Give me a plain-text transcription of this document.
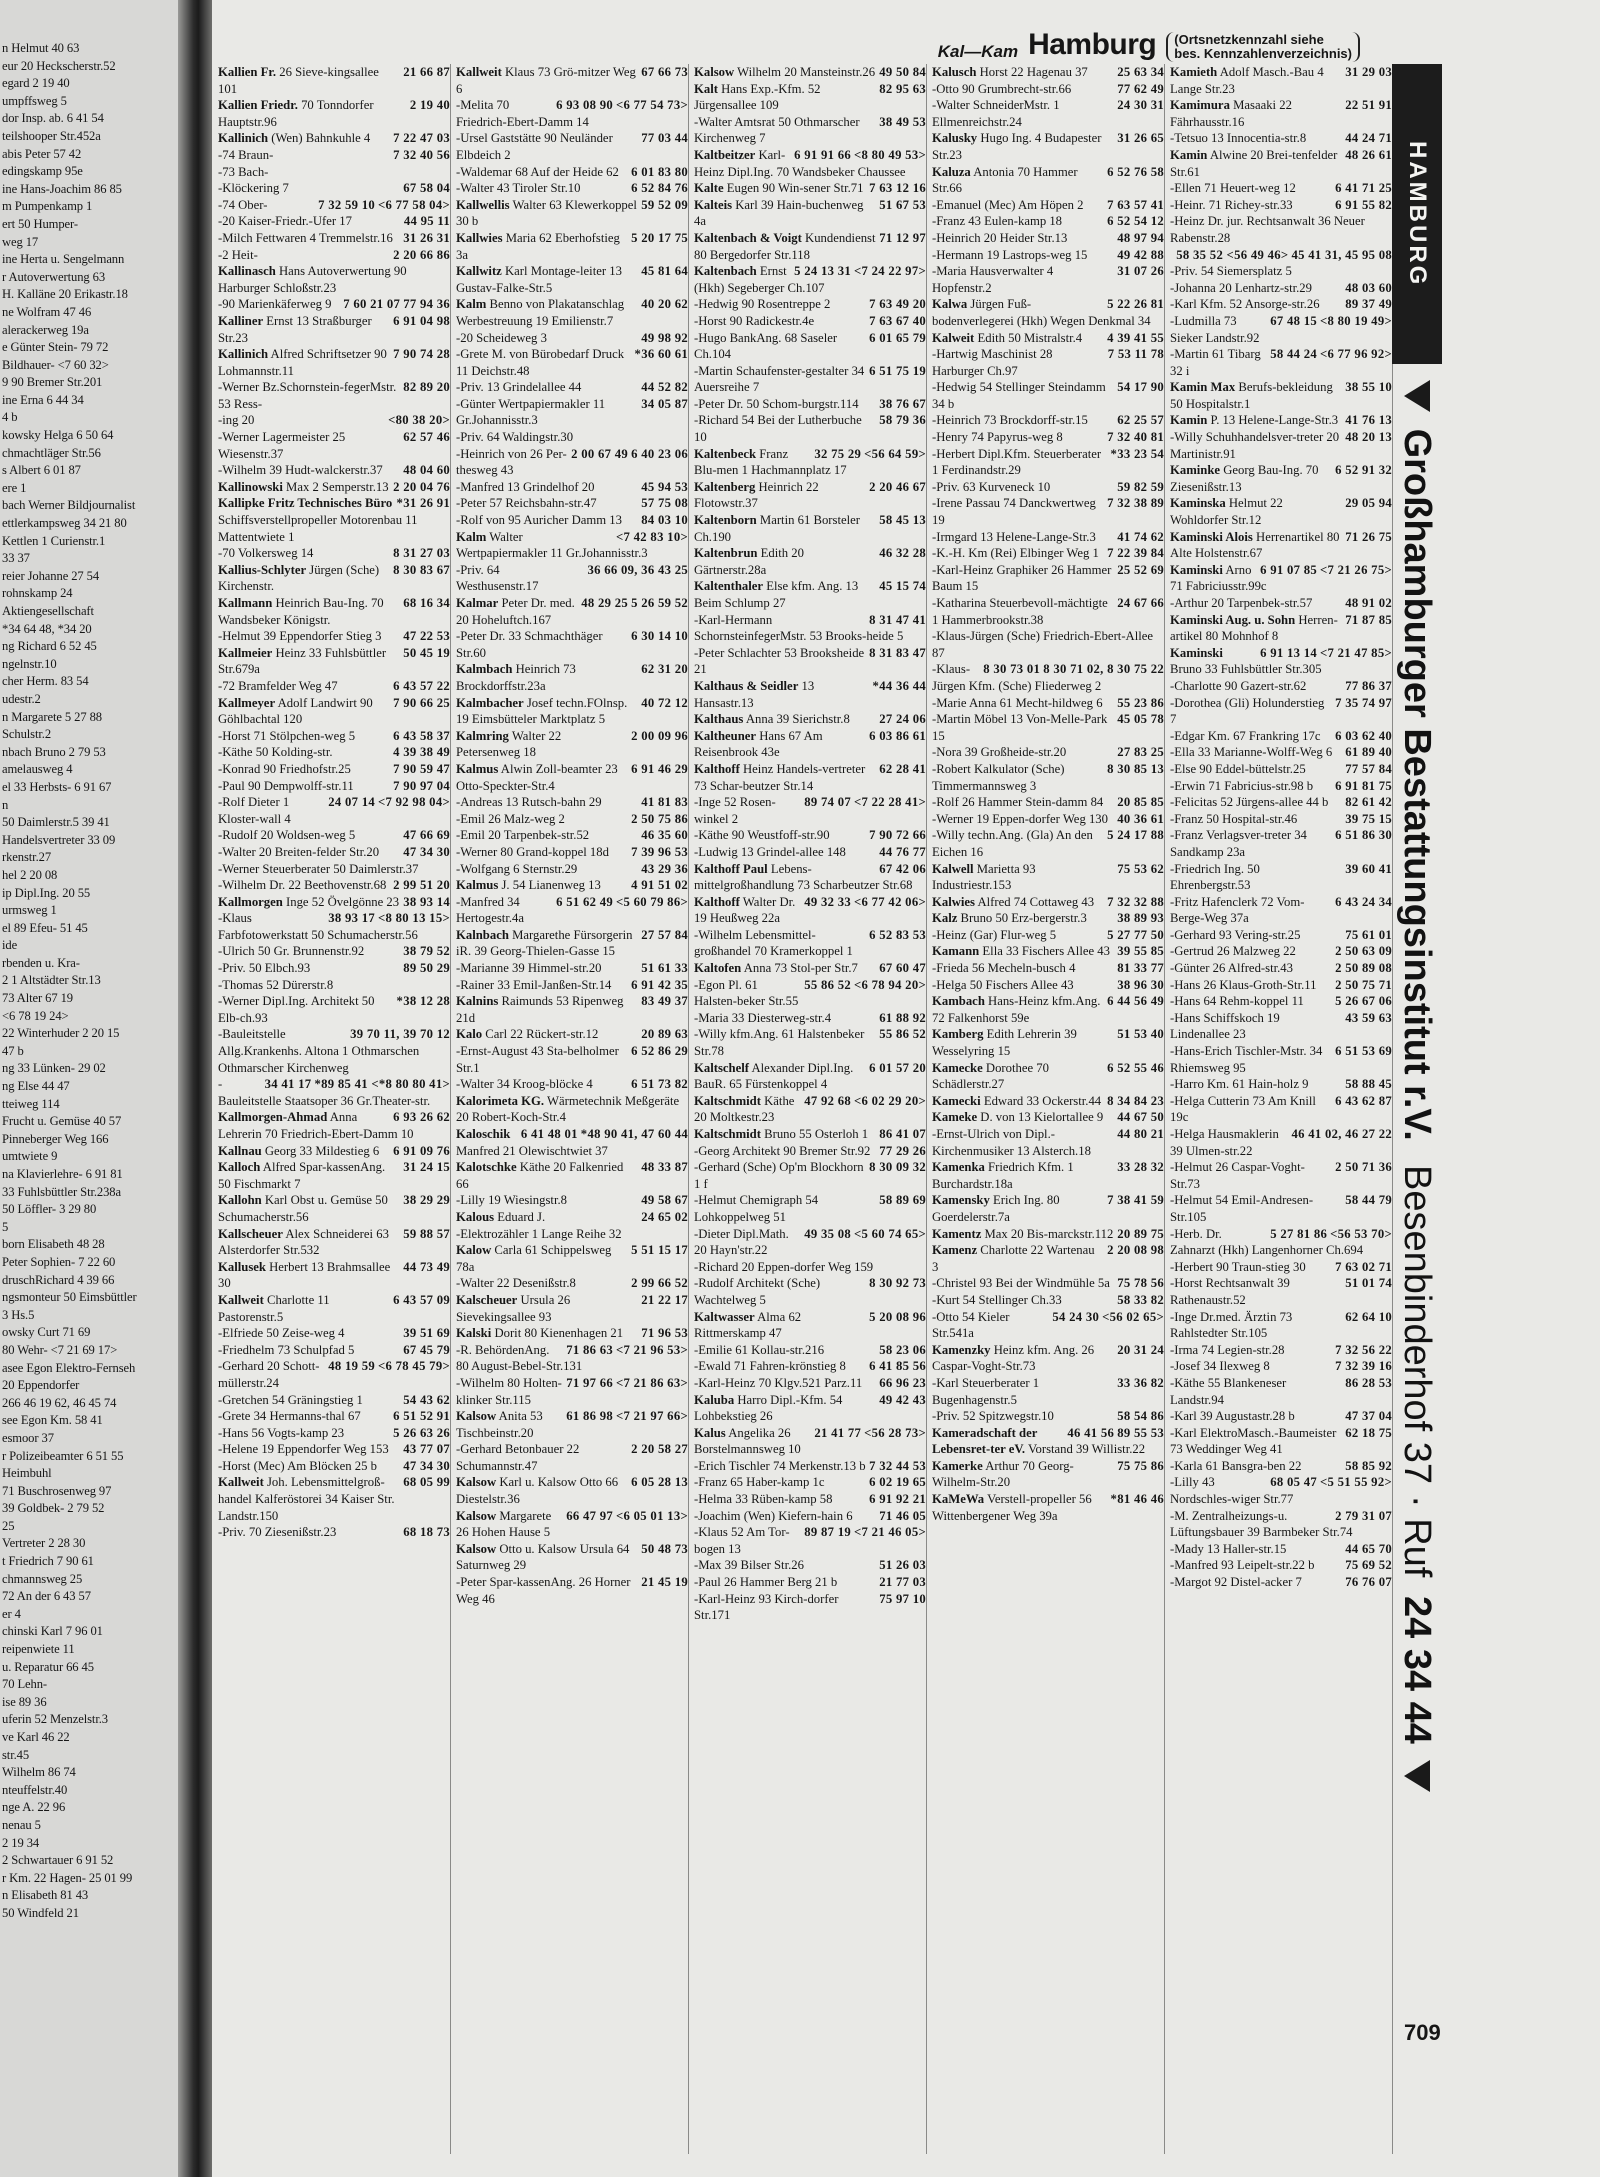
n Helmut 40 63
eur 20 Heckscherstr.52
egard 2 19 40
umpffsweg 5
dor Insp. ab. 6 41 54
teilshooper Str.452a
abis Peter 57 42
edingskamp 95e
ine Hans-Joachim 86 85
m Pumpenkamp 1
ert 50 Humper-
weg 17
ine Herta u. Sengelmann
r Autoverwertung 63
H. Kalläne 20 Erikastr.18
ne Wolfram 47 46
alerackerweg 19a
e Günter Stein- 79 72
Bildhauer- <7 60 32>
9 90 Bremer Str.201
ine Erna 6 44 34
4 b
kowsky Helga 6 50 64
chmachtläger Str.56
s Albert 6 01 87
ere 1
bach Werner Bildjournalist
ettlerkampsweg 34 21 80
Kettlen 1 Curienstr.1
33 37
reier Johanne 27 54
rohnskamp 24
Aktiengesellschaft
*34 64 48, *34 20
ng Richard 6 52 45
ngelnstr.10
cher Herm. 83 54
udestr.2
n Margarete 5 27 88
Schulstr.2
nbach Bruno 2 79 53
amelausweg 4
el 33 Herbsts- 6 91 67
n
50 Daimlerstr.5 39 41
Handelsvertreter 33 09
rkenstr.27
hel 2 20 08
ip Dipl.Ing. 20 55
urmsweg 1
el 89 Efeu- 51 45
ide
rbenden u. Kra-
2 1 Altstädter Str.13
73 Alter 67 19
<6 78 19 24>
22 Winterhuder 2 20 15
47 b
ng 33 Lünken- 29 02
ng Else 44 47
tteiweg 114
Frucht u. Gemüse 40 57
Pinneberger Weg 166
umtwiete 9
na Klavierlehre- 6 91 81
33 Fuhlsbüttler Str.238a
50 Löffler- 3 29 80
5
born Elisabeth 48 28
Peter Sophien- 7 22 60
druschRichard 4 39 66
ngsmonteur 50 Eimsbüttler
3 Hs.5
owsky Curt 71 69
80 Wehr- <7 21 69 17>
asee Egon Elektro-Fernseh
20 Eppendorfer
266 46 19 62, 46 45 74
see Egon Km. 58 41
esmoor 37
r Polizeibeamter 6 51 55
Heimbuhl
71 Buschrosenweg 97
39 Goldbek- 2 79 52
25
Vertreter 2 28 30
t Friedrich 7 90 61
chmannsweg 25
72 An der 6 43 57
er 4
chinski Karl 7 96 01
reipenwiete 11
u. Reparatur 66 45
70 Lehn-
ise 89 36
uferin 52 Menzelstr.3
ve Karl 46 22
str.45
Wilhelm 86 74
nteuffelstr.40
nge A. 22 96
nenau 5
2 19 34
2 Schwartauer 6 91 52
r Km. 22 Hagen- 25 01 99
n Elisabeth 81 43
50 Windfeld 21
Kal—Kam Hamburg	(Ortsnetzkennzahl siehe
bes. Kennzahlenverzeichnis)
21 66 87
Kallien Fr. 26 Sieve-kingsallee 101
2 19 40
Kallien Friedr. 70 Tonndorfer Hauptstr.96
7 22 47 03
Kallinich (Wen) Bahnkuhle 4
7 32 40 56
-74 Braun-
-73 Bach-
67 58 04
-Klöckering 7
<6 77 58 04>
7 32 59 10
-74 Ober-
44 95 11
-20 Kaiser-Friedr.-Ufer 17
31 26 31
-Milch Fettwaren 4 Tremmelstr.16
2 20 66 86
-2 Heit-
Kallinasch Hans Autoverwertung 90 Harburger Schloßstr.23
77 94 36
7 60 21 07
-90 Marienkäferweg 9
6 91 04 98
Kalliner Ernst 13 Straßburger Str.23
7 90 74 28
Kallinich Alfred Schriftsetzer 90 Lohmannstr.11
82 89 20
-Werner Bz.Schornstein-fegerMstr. 53 Ress-
<80 38 20>
-ing 20
62 57 46
-Werner Lagermeister 25 Wiesenstr.37
48 04 60
-Wilhelm 39 Hudt-walckerstr.37
2 20 04 76
Kallinowski Max 2 Semperstr.13
*31 26 91
Kallipke Fritz Technisches Büro Schiffsverstellpropeller Motorenbau 11 Mattentwiete 1
8 31 27 03
-70 Volkersweg 14
8 30 83 67
Kallius-Schlyter Jürgen (Sche) Kirchenstr.
68 16 34
Kallmann Heinrich Bau-Ing. 70 Wandsbeker Königstr.
47 22 53
-Helmut 39 Eppendorfer Stieg 3
50 45 19
Kallmeier Heinz 33 Fuhlsbüttler Str.679a
6 43 57 22
-72 Bramfelder Weg 47
7 90 66 25
Kallmeyer Adolf Landwirt 90 Göhlbachtal 120
6 43 58 37
-Horst 71 Stölpchen-weg 5
4 39 38 49
-Käthe 50 Kolding-str.
7 90 59 47
-Konrad 90 Friedhofstr.25
7 90 97 04
-Paul 90 Dempwolff-str.11
<7 92 98 04>
24 07 14
-Rolf Dieter 1 Kloster-wall 4
47 66 69
-Rudolf 20 Woldsen-weg 5
47 34 30
-Walter 20 Breiten-felder Str.20
-Werner Steuerberater 50 Daimlerstr.37
2 99 51 20
-Wilhelm Dr. 22 Beethovenstr.68
38 93 14
Kallmorgen Inge 52 Övelgönne 23
<8 80 13 15>
38 93 17
-Klaus Farbfotowerkstatt 50 Schumacherstr.56
38 79 52
-Ulrich 50 Gr. Brunnenstr.92
89 50 29
-Priv. 50 Elbch.93
-Thomas 52 Dürerstr.8
*38 12 28
-Werner Dipl.Ing. Architekt 50 Elb-ch.93
39 70 11, 39 70 12
-Bauleitstelle Allg.Krankenhs. Altona 1 Othmarschen Othmarscher Kirchenweg
*89 85 41 <*8 80 80 41>
34 41 17
-Bauleitstelle Staatsoper 36 Gr.Theater-str.
6 93 26 62
Kallmorgen-Ahmad Anna Lehrerin 70 Friedrich-Ebert-Damm 10
6 91 09 76
Kallnau Georg 33 Mildestieg 6
31 24 15
Kalloch Alfred Spar-kassenAng. 50 Fischmarkt 7
38 29 29
Kallohn Karl Obst u. Gemüse 50 Schumacherstr.56
59 88 57
Kallscheuer Alex Schneiderei 63 Alsterdorfer Str.532
44 73 49
Kallusek Herbert 13 Brahmsallee 30
6 43 57 09
Kallweit Charlotte 11 Pastorenstr.5
39 51 69
-Elfriede 50 Zeise-weg 4
67 45 79
-Friedhelm 73 Schulpfad 5
<6 78 45 79>
48 19 59
-Gerhard 20 Schott-müllerstr.24
54 43 62
-Gretchen 54 Gräningstieg 1
6 51 52 91
-Grete 34 Hermanns-thal 67
5 26 63 26
-Hans 56 Vogts-kamp 23
43 77 07
-Helene 19 Eppendorfer Weg 153
47 34 30
-Horst (Mec) Am Blöcken 25 b
68 05 99
Kallweit Joh. Lebensmittelgroß-handel Kalferöstorei 34 Kaiser Str. Landstr.150
68 18 73
-Priv. 70 Ziesenißstr.23
67 66 73
Kallweit Klaus 73 Grö-mitzer Weg 6
<6 77 54 73>
6 93 08 90
-Melita 70 Friedrich-Ebert-Damm 14
77 03 44
-Ursel Gaststätte 90 Neuländer Elbdeich 2
6 01 83 80
-Waldemar 68 Auf der Heide 62
6 52 84 76
-Walter 43 Tiroler Str.10
59 52 09
Kallwellis Walter 63 Klewerkoppel 30 b
5 20 17 75
Kallwies Maria 62 Eberhofstieg 3a
45 81 64
Kallwitz Karl Montage-leiter 13 Gustav-Falke-Str.5
40 20 62
Kalm Benno von Plakatanschlag Werbestreuung 19 Emilienstr.7
49 98 92
-20 Scheideweg 3
*36 60 61
-Grete M. von Bürobedarf Druck 11 Deichstr.48
44 52 82
-Priv. 13 Grindelallee 44
34 05 87
-Günter Wertpapiermakler 11 Gr.Johannisstr.3
-Priv. 64 Waldingstr.30
6 40 23 06
2 00 67 49
-Heinrich von 26 Per-thesweg 43
45 94 53
-Manfred 13 Grindelhof 20
57 75 08
-Peter 57 Reichsbahn-str.47
84 03 10
-Rolf von 95 Auricher Damm 13
<7 42 83 10>
Kalm Walter Wertpapiermakler 11 Gr.Johannisstr.3
36 66 09, 36 43 25
-Priv. 64 Westhusenstr.17
5 26 59 52
48 29 25
Kalmar Peter Dr. med. 20 Hoheluftch.167
6 30 14 10
-Peter Dr. 33 Schmachthäger Str.60
62 31 20
Kalmbach Heinrich 73 Brockdorffstr.23a
40 72 12
Kalmbacher Josef techn.FOlnsp. 19 Eimsbütteler Marktplatz 5
2 00 09 96
Kalmring Walter 22 Petersenweg 18
6 91 46 29
Kalmus Alwin Zoll-beamter 23 Otto-Speckter-Str.4
41 81 83
-Andreas 13 Rutsch-bahn 29
2 50 75 86
-Emil 26 Malz-weg 2
46 35 60
-Emil 20 Tarpenbek-str.52
7 39 96 53
-Werner 80 Grand-koppel 18d
43 29 36
-Wolfgang 6 Sternstr.29
4 91 51 02
Kalmus J. 54 Lianenweg 13
<5 60 79 86>
6 51 62 49
-Manfred 34 Hertogestr.4a
27 57 84
Kalnbach Margarethe Fürsorgerin iR. 39 Georg-Thielen-Gasse 15
51 61 33
-Marianne 39 Himmel-str.20
6 91 42 35
-Rainer 33 Emil-Janßen-Str.14
83 49 37
Kalnins Raimunds 53 Ripenweg 21d
20 89 63
Kalo Carl 22 Rückert-str.12
6 52 86 29
-Ernst-August 43 Sta-belholmer Str.1
6 51 73 82
-Walter 34 Kroog-blöcke 4
Kalorimeta KG. Wärmetechnik Meßgeräte 20 Robert-Koch-Str.4
*48 90 41, 47 60 44
6 41 48 01
Kaloschik Manfred 21 Olewischtwiet 37
48 33 87
Kalotschke Käthe 20 Falkenried 66
49 58 67
-Lilly 19 Wiesingstr.8
24 65 02
Kalous Eduard J.
-Elektrozähler 1 Lange Reihe 32
5 51 15 17
Kalow Carla 61 Schippelsweg 78a
2 99 66 52
-Walter 22 Desenißstr.8
21 22 17
Kalscheuer Ursula 26 Sievekingsallee 93
71 96 53
Kalski Dorit 80 Kienenhagen 21
<7 21 96 53>
71 86 63
-R. BehördenAng. 80 August-Bebel-Str.131
<7 21 86 63>
71 97 66
-Wilhelm 80 Holten-klinker Str.115
<7 21 97 66>
61 86 98
Kalsow Anita 53 Tischbeinstr.20
2 20 58 27
-Gerhard Betonbauer 22 Schumannstr.47
6 05 28 13
Kalsow Karl u. Kalsow Otto 66 Diestelstr.36
<6 05 01 13>
66 47 97
Kalsow Margarete 26 Hohen Hause 5
50 48 73
Kalsow Otto u. Kalsow Ursula 64 Saturnweg 29
21 45 19
-Peter Spar-kassenAng. 26 Horner Weg 46
49 50 84
Kalsow Wilhelm 20 Mansteinstr.26
82 95 63
Kalt Hans Exp.-Kfm. 52 Jürgensallee 109
38 49 53
-Walter Amtsrat 50 Othmarscher Kirchenweg 7
<8 80 49 53>
6 91 91 66
Kaltbeitzer Karl-Heinz Dipl.Ing. 70 Wandsbeker Chaussee
7 63 12 16
Kalte Eugen 90 Win-sener Str.71
51 67 53
Kalteis Karl 39 Hain-buchenweg 4a
71 12 97
Kaltenbach & Voigt Kundendienst 80 Bergedorfer Str.118
<7 24 22 97>
5 24 13 31
Kaltenbach Ernst (Hkh) Segeberger Ch.107
7 63 49 20
-Hedwig 90 Rosentreppe 2
7 63 67 40
-Horst 90 Radickestr.4e
6 01 65 79
-Hugo BankAng. 68 Saseler Ch.104
6 51 75 19
-Martin Schaufenster-gestalter 34 Auersreihe 7
38 76 67
-Peter Dr. 50 Schom-burgstr.114
58 79 36
-Richard 54 Bei der Lutherbuche 10
<56 64 59>
32 75 29
Kaltenbeck Franz Blu-men 1 Hachmannplatz 17
2 20 46 67
Kaltenberg Heinrich 22 Flotowstr.37
58 45 13
Kaltenborn Martin 61 Borsteler Ch.190
46 32 28
Kaltenbrun Edith 20 Gärtnerstr.28a
45 15 74
Kaltenthaler Else kfm. Ang. 13 Beim Schlump 27
8 31 47 41
-Karl-Hermann SchornsteinfegerMstr. 53 Brooks-heide 5
8 31 83 47
-Peter Schlachter 53 Brooksheide 21
*44 36 44
Kalthaus & Seidler 13 Hansastr.13
27 24 06
Kalthaus Anna 39 Sierichstr.8
6 03 86 61
Kaltheuner Hans 67 Am Reisenbrook 43e
62 28 41
Kalthoff Heinz Handels-vertreter 73 Schar-beutzer Str.14
<7 22 28 41>
89 74 07
-Inge 52 Rosen-winkel 2
7 90 72 66
-Käthe 90 Weustfoff-str.90
44 76 77
-Ludwig 13 Grindel-allee 148
67 42 06
Kalthoff Paul Lebens-mittelgroßhandlung 73 Scharbeutzer Str.68
<6 77 42 06>
49 32 33
Kalthoff Walter Dr. 19 Heußweg 22a
6 52 83 53
-Wilhelm Lebensmittel-großhandel 70 Kramerkoppel 1
67 60 47
Kaltofen Anna 73 Stol-per Str.7
<6 78 94 20>
55 86 52
-Egon Pl. 61 Halsten-beker Str.55
61 88 92
-Maria 33 Diesterweg-str.4
55 86 52
-Willy kfm.Ang. 61 Halstenbeker Str.78
6 01 57 20
Kaltschelf Alexander Dipl.Ing. BauR. 65 Fürstenkoppel 4
<6 02 29 20>
47 92 68
Kaltschmidt Käthe 20 Moltkestr.23
86 41 07
Kaltschmidt Bruno 55 Osterloh 1
77 29 26
-Georg Architekt 90 Bremer Str.92
8 30 09 32
-Gerhard (Sche) Op'm Blockhorn 1 f
58 89 69
-Helmut Chemigraph 54 Lohkoppelweg 51
<5 60 74 65>
49 35 08
-Dieter Dipl.Math. 20 Hayn'str.22
-Richard 20 Eppen-dorfer Weg 159
8 30 92 73
-Rudolf Architekt (Sche) Wachtelweg 5
5 20 08 96
Kaltwasser Alma 62 Rittmerskamp 47
58 23 06
-Emilie 61 Kollau-str.216
6 41 85 56
-Ewald 71 Fahren-krönstieg 8
66 96 23
-Karl-Heinz 70 Klgv.521 Parz.11
49 42 43
Kaluba Harro Dipl.-Kfm. 54 Lohbekstieg 26
<56 28 73>
21 41 77
Kalus Angelika 26 Borstelmannsweg 10
7 32 44 53
-Erich Tischler 74 Merkenstr.13 b
6 02 19 65
-Franz 65 Haber-kamp 1c
6 91 92 21
-Helma 33 Rüben-kamp 58
71 46 05
-Joachim (Wen) Kiefern-hain 6
<7 21 46 05>
89 87 19
-Klaus 52 Am Tor-bogen 13
51 26 03
-Max 39 Bilser Str.26
21 77 03
-Paul 26 Hammer Berg 21 b
75 97 10
-Karl-Heinz 93 Kirch-dorfer Str.171
25 63 34
Kalusch Horst 22 Hagenau 37
77 62 49
-Otto 90 Grumbrecht-str.66
24 30 31
-Walter SchneiderMstr. 1 Ellmenreichstr.24
31 26 65
Kalusky Hugo Ing. 4 Budapester Str.23
6 52 76 58
Kaluza Antonia 70 Hammer Str.66
7 63 57 41
-Emanuel (Mec) Am Höpen 2
6 52 54 12
-Franz 43 Eulen-kamp 18
48 97 94
-Heinrich 20 Heider Str.13
49 42 88
-Hermann 19 Lastrops-weg 15
31 07 26
-Maria Hausverwalter 4 Hopfenstr.2
5 22 26 81
Kalwa Jürgen Fuß-bodenverlegerei (Hkh) Wegen Denkmal 34
4 39 41 55
Kalweit Edith 50 Mistralstr.4
7 53 11 78
-Hartwig Maschinist 28 Harburger Ch.97
54 17 90
-Hedwig 54 Stellinger Steindamm 34 b
62 25 57
-Heinrich 73 Brockdorff-str.15
7 32 40 81
-Henry 74 Papyrus-weg 8
*33 23 54
-Herbert Dipl.Kfm. Steuerberater 1 Ferdinandstr.29
59 82 59
-Priv. 63 Kurveneck 10
7 32 38 89
-Irene Passau 74 Danckwertweg 19
41 74 62
-Irmgard 13 Helene-Lange-Str.3
7 22 39 84
-K.-H. Km (Rei) Elbinger Weg 1
25 52 69
-Karl-Heinz Graphiker 26 Hammer Baum 15
24 67 66
-Katharina Steuerbevoll-mächtigte 1 Hammerbrookstr.38
-Klaus-Jürgen (Sche) Friedrich-Ebert-Allee 87
8 30 71 02, 8 30 75 22
8 30 73 01
-Klaus-Jürgen Kfm. (Sche) Fliederweg 2
55 23 86
-Marie Anna 61 Mecht-hildweg 6
45 05 78
-Martin Möbel 13 Von-Melle-Park 15
27 83 25
-Nora 39 Großheide-str.20
8 30 85 13
-Robert Kalkulator (Sche) Timmermannsweg 3
20 85 85
-Rolf 26 Hammer Stein-damm 84
40 36 61
-Werner 19 Eppen-dorfer Weg 130
5 24 17 88
-Willy techn.Ang. (Gla) An den Eichen 16
75 53 62
Kalwell Marietta 93 Industriestr.153
7 32 32 88
Kalwies Alfred 74 Cottaweg 43
38 89 93
Kalz Bruno 50 Erz-bergerstr.3
5 27 77 50
-Heinz (Gar) Flur-weg 5
39 55 85
Kamann Ella 33 Fischers Allee 43
81 33 77
-Frieda 56 Mecheln-busch 4
38 96 30
-Helga 50 Fischers Allee 43
6 44 56 49
Kambach Hans-Heinz kfm.Ang. 72 Falkenhorst 59e
51 53 40
Kamberg Edith Lehrerin 39 Wesselyring 15
6 52 55 46
Kamecke Dorothee 70 Schädlerstr.27
8 34 84 23
Kamecki Edward 33 Ockerstr.44
44 67 50
Kameke D. von 13 Kielortallee 9
44 80 21
-Ernst-Ulrich von Dipl.-Kirchenmusiker 13 Alsterch.18
33 28 32
Kamenka Friedrich Kfm. 1 Burchardstr.18a
7 38 41 59
Kamensky Erich Ing. 80 Goerdelerstr.7a
20 89 75
Kamentz Max 20 Bis-marckstr.112
2 20 08 98
Kamenz Charlotte 22 Wartenau 3
75 78 56
-Christel 93 Bei der Windmühle 5a
58 33 82
-Kurt 54 Stellinger Ch.33
<56 02 65>
54 24 30
-Otto 54 Kieler Str.541a
20 31 24
Kamenzky Heinz kfm. Ang. 26 Caspar-Voght-Str.73
33 36 82
-Karl Steuerberater 1 Bugenhagenstr.5
58 54 86
-Priv. 52 Spitzwegstr.10
89 55 53
46 41 56
Kameradschaft der Lebensret-ter eV. Vorstand 39 Willistr.22
75 75 86
Kamerke Arthur 70 Georg-Wilhelm-Str.20
*81 46 46
KaMeWa Verstell-propeller 56 Wittenbergener Weg 39a
31 29 03
Kamieth Adolf Masch.-Bau 4 Lange Str.23
22 51 91
Kamimura Masaaki 22 Fährhausstr.16
44 24 71
-Tetsuo 13 Innocentia-str.8
48 26 61
Kamin Alwine 20 Brei-tenfelder Str.61
6 41 71 25
-Ellen 71 Heuert-weg 12
6 91 55 82
-Heinr. 71 Richey-str.33
-Heinz Dr. jur. Rechtsanwalt 36 Neuer Rabenstr.28
45 41 31, 45 95 08
58 35 52 <56 49 46>
-Priv. 54 Siemersplatz 5
48 03 60
-Johanna 20 Lenhartz-str.29
89 37 49
-Karl Kfm. 52 Ansorge-str.26
<8 80 19 49>
67 48 15
-Ludmilla 73 Sieker Landstr.92
<6 77 96 92>
58 44 24
-Martin 61 Tibarg 32 i
38 55 10
Kamin Max Berufs-bekleidung 50 Hospitalstr.1
41 76 13
Kamin P. 13 Helene-Lange-Str.3
48 20 13
-Willy Schuhhandelsver-treter 20 Martinistr.91
6 52 91 32
Kaminke Georg Bau-Ing. 70 Ziesenißstr.13
29 05 94
Kaminska Helmut 22 Wohldorfer Str.12
71 26 75
Kaminski Alois Herrenartikel 80 Alte Holstenstr.67
<7 21 26 75>
6 91 07 85
Kaminski Arno 71 Fabriciusstr.99c
48 91 02
-Arthur 20 Tarpenbek-str.57
71 87 85
Kaminski Aug. u. Sohn Herren-artikel 80 Mohnhof 8
<7 21 47 85>
6 91 13 14
Kaminski Bruno 33 Fuhlsbüttler Str.305
77 86 37
-Charlotte 90 Gazert-str.62
7 35 74 97
-Dorothea (Gli) Holunderstieg 7
6 03 62 40
-Edgar Km. 67 Frankring 17c
61 89 40
-Ella 33 Marianne-Wolff-Weg 6
77 57 84
-Else 90 Eddel-büttelstr.25
6 91 81 75
-Erwin 71 Fabricius-str.98 b
82 61 42
-Felicitas 52 Jürgens-allee 44 b
39 75 15
-Franz 50 Hospital-str.46
6 51 86 30
-Franz Verlagsver-treter 34 Sandkamp 23a
39 60 41
-Friedrich Ing. 50 Ehrenbergstr.53
6 43 24 34
-Fritz Hafenclerk 72 Vom-Berge-Weg 37a
75 61 01
-Gerhard 93 Vering-str.25
2 50 63 09
-Gertrud 26 Malzweg 22
2 50 89 08
-Günter 26 Alfred-str.43
2 50 75 71
-Hans 26 Klaus-Groth-Str.11
5 26 67 06
-Hans 64 Rehm-koppel 11
43 59 63
-Hans Schiffskoch 19 Lindenallee 23
6 51 53 69
-Hans-Erich Tischler-Mstr. 34 Rhiemsweg 95
58 88 45
-Harro Km. 61 Hain-holz 9
6 43 62 87
-Helga Cutterin 73 Am Knill 19c
46 41 02, 46 27 22
-Helga Hausmaklerin 39 Ulmen-str.22
2 50 71 36
-Helmut 26 Caspar-Voght-Str.73
58 44 79
-Helmut 54 Emil-Andresen-Str.105
<56 53 70>
5 27 81 86
-Herb. Dr. Zahnarzt (Hkh) Langenhorner Ch.694
7 63 02 71
-Herbert 90 Traun-stieg 30
51 01 74
-Horst Rechtsanwalt 39 Rathenaustr.52
62 64 10
-Inge Dr.med. Ärztin 73 Rahlstedter Str.105
7 32 56 22
-Irma 74 Legien-str.28
7 32 39 16
-Josef 34 Ilexweg 8
86 28 53
-Käthe 55 Blankeneser Landstr.94
47 37 04
-Karl 39 Augustastr.28 b
62 18 75
-Karl ElektroMasch.-Baumeister 73 Weddinger Weg 41
58 85 92
-Karla 61 Bansgra-ben 22
<5 51 55 92>
68 05 47
-Lilly 43 Nordschles-wiger Str.77
2 79 31 07
-M. Zentralheizungs-u. Lüftungsbauer 39 Barmbeker Str.74
44 65 70
-Mady 13 Haller-str.15
75 69 52
-Manfred 93 Leipelt-str.22 b
76 76 07
-Margot 92 Distel-acker 7
709
HAMBURG
Großhamburger Bestattungsinstitut r.V. Besenbinderhof 37 · Ruf 24 34 44
